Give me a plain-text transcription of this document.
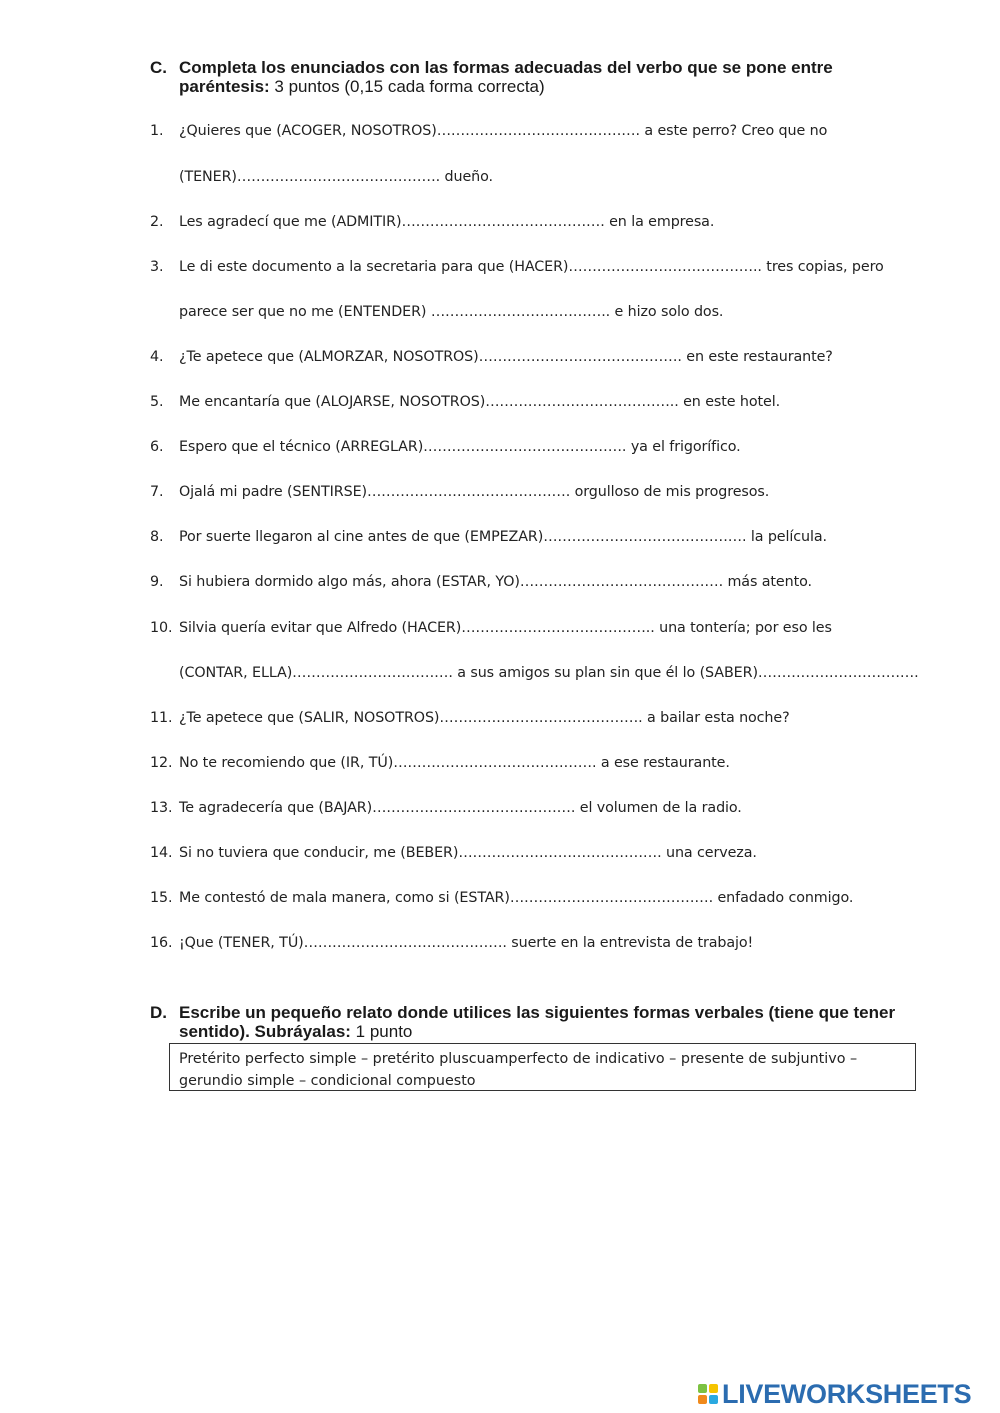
C. Completa los enunciados con las formas adecuadas del verbo que se pone entre paréntesis: 3 puntos (0,15 cada forma correcta)
1. ¿Quieres que (ACOGER, NOSOTROS)……………………………………. a este perro? Creo que no
(TENER)……………………………………. dueño.
2. Les agradecí que me (ADMITIR)……………………………………. en la empresa.
3. Le di este documento a la secretaria para que (HACER)………………………………….. tres copias, pero
parece ser que no me (ENTENDER) ……………………………….. e hizo solo dos.
4. ¿Te apetece que (ALMORZAR, NOSOTROS)……………………………………. en este restaurante?
5. Me encantaría que (ALOJARSE, NOSOTROS)………………………………….. en este hotel.
6. Espero que el técnico (ARREGLAR)……………………………………. ya el frigorífico.
7. Ojalá mi padre (SENTIRSE)……………………………………. orgulloso de mis progresos.
8. Por suerte llegaron al cine antes de que (EMPEZAR)……………………………………. la película.
9. Si hubiera dormido algo más, ahora (ESTAR, YO)……………………………………. más atento.
10. Silvia quería evitar que Alfredo (HACER)………………………………….. una tontería; por eso les
(CONTAR, ELLA)……………………………. a sus amigos su plan sin que él lo (SABER)…………………………….
11. ¿Te apetece que (SALIR, NOSOTROS)……………………………………. a bailar esta noche?
12. No te recomiendo que (IR, TÚ)……………………………………. a ese restaurante.
13. Te agradecería que (BAJAR)……………………………………. el volumen de la radio.
14. Si no tuviera que conducir, me (BEBER)……………………………………. una cerveza.
15. Me contestó de mala manera, como si (ESTAR)……………………………………. enfadado conmigo.
16. ¡Que (TENER, TÚ)……………………………………. suerte en la entrevista de trabajo!
D. Escribe un pequeño relato donde utilices las siguientes formas verbales (tiene que tener sentido). Subráyalas: 1 punto
Pretérito perfecto simple – pretérito pluscuamperfecto de indicativo – presente de subjuntivo –
gerundio simple – condicional compuesto
LIVEWORKSHEETS
